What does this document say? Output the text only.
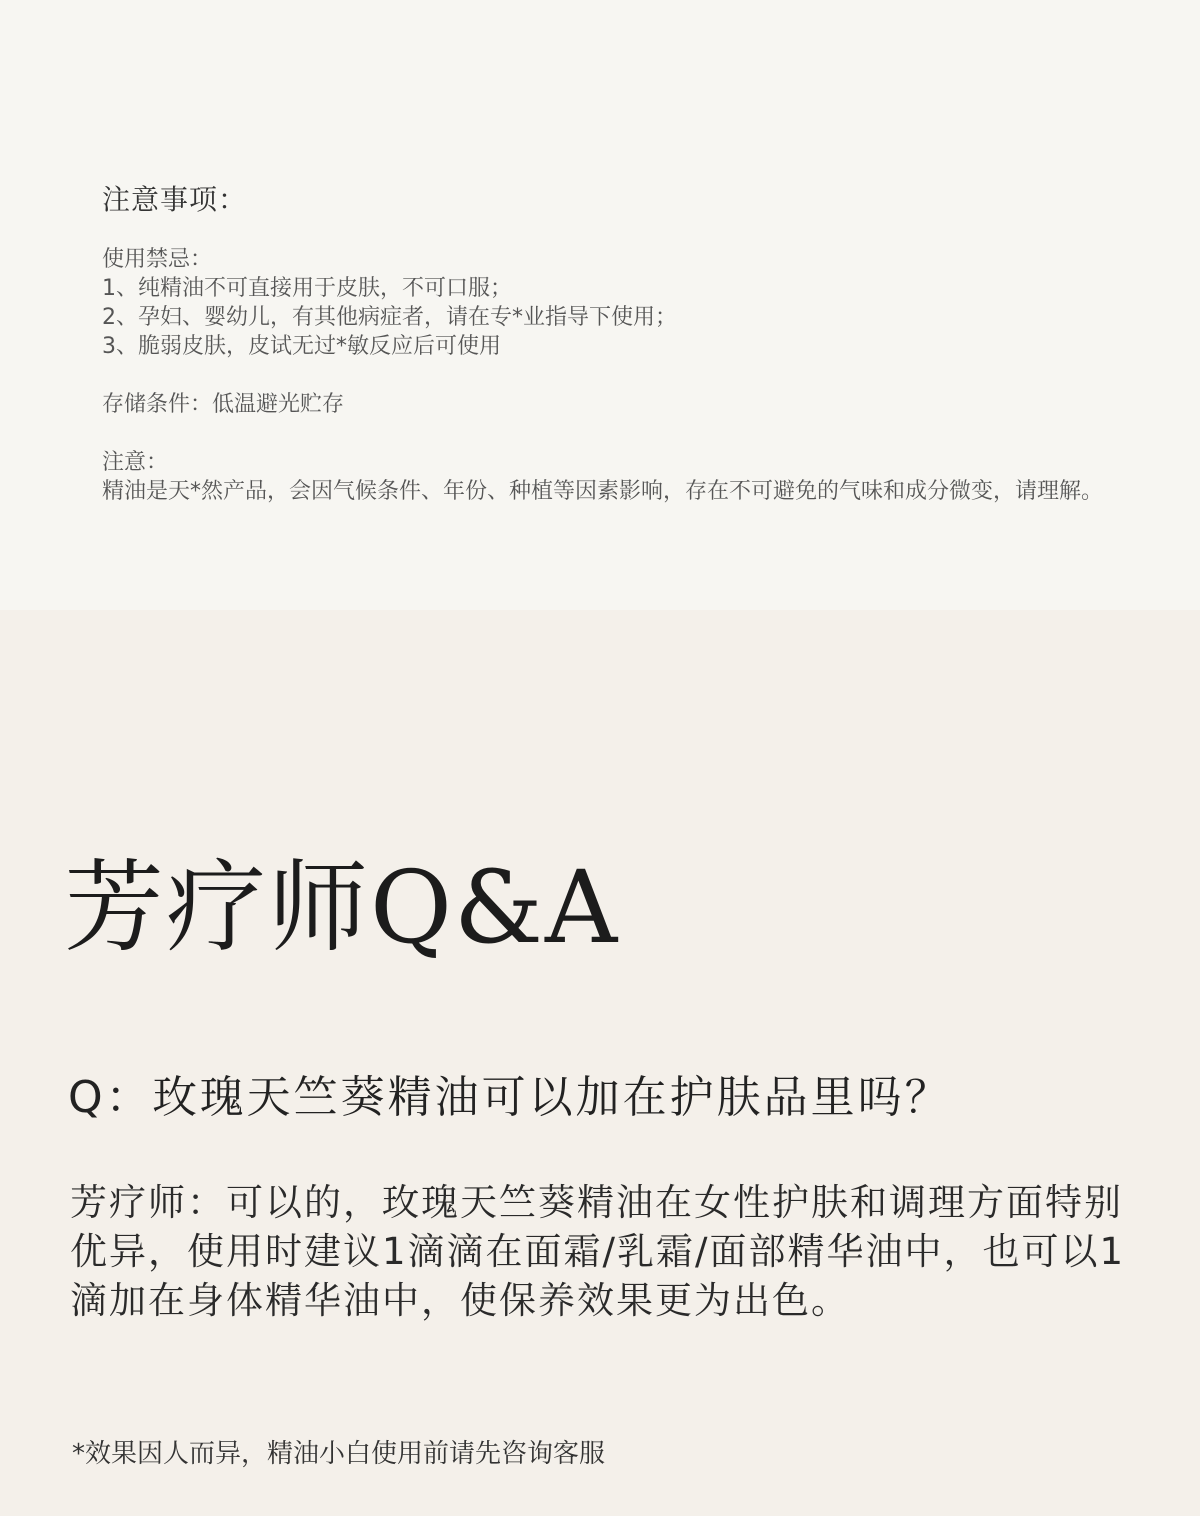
注意事项：
使用禁忌：
1、纯精油不可直接用于皮肤，不可口服；
2、孕妇、婴幼儿，有其他病症者，请在专*业指导下使用；
3、脆弱皮肤，皮试无过*敏反应后可使用
存储条件：低温避光贮存
注意：
精油是天*然产品，会因气候条件、年份、种植等因素影响，存在不可避免的气味和成分微变，请理解。
芳疗师Q&A

Q：玫瑰天竺葵精油可以加在护肤品里吗？

芳疗师：可以的，玫瑰天竺葵精油在女性护肤和调理方面特别优异，使用时建议1滴滴在面霜/乳霜/面部精华油中，也可以1滴加在身体精华油中，使保养效果更为出色。

*效果因人而异，精油小白使用前请先咨询客服
